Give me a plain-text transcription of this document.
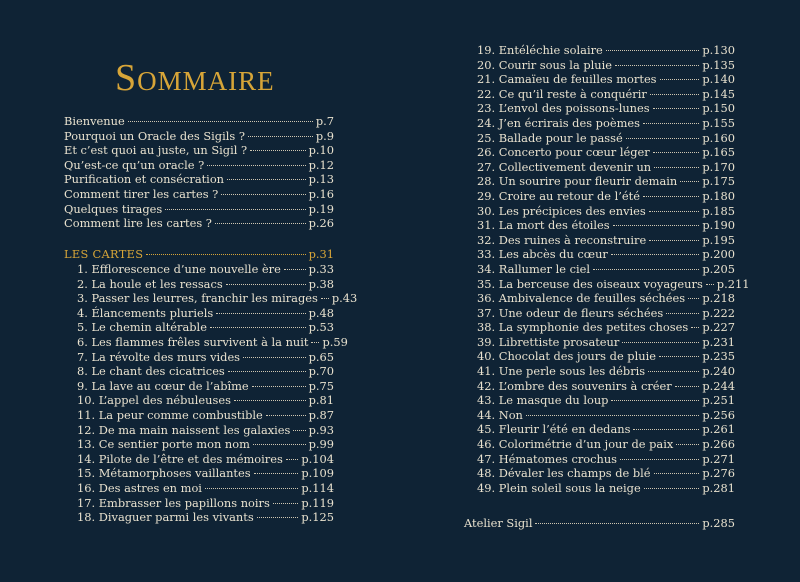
Sommaire
Bienvenue	p.7
Pourquoi un Oracle des Sigils ?	p.9
Et c’est quoi au juste, un Sigil ?	p.10
Qu’est-ce qu’un oracle ?	p.12
Purification et consécration	p.13
Comment tirer les cartes ?	p.16
Quelques tirages	p.19
Comment lire les cartes ?	p.26
LES CARTES	p.31
1. Efflorescence d’une nouvelle ère p.33
2. La houle et les ressacs	p.38
3. Passer les leurres, franchir les mirages p.43
4. Élancements pluriels	p.48
5. Le chemin altérable	p.53
6. Les flammes frêles survivent à la nuit p.59
7. La révolte des murs vides	p.65
8. Le chant des cicatrices	p.70
9. La lave au cœur de l’abîme	p.75
10. L’appel des nébuleuses	p.81
11. La peur comme combustible	p.87
12. De ma main naissent les galaxies p.93
13. Ce sentier porte mon nom	p.99
14. Pilote de l’être et des mémoires p.104
15. Métamorphoses vaillantes	p.109
16. Des astres en moi	p.114
17. Embrasser les papillons noirs	p.119
18. Divaguer parmi les vivants	p.125
19. Entéléchie solaire	p.130
20. Courir sous la pluie	p.135
21. Camaïeu de feuilles mortes	p.140
22. Ce qu’il reste à conquérir	p.145
23. L’envol des poissons-lunes	p.150
24. J’en écrirais des poèmes	p.155
25. Ballade pour le passé	p.160
26. Concerto pour cœur léger	p.165
27. Collectivement devenir un	p.170
28. Un sourire pour fleurir demain p.175
29. Croire au retour de l’été	p.180
30. Les précipices des envies	p.185
31. La mort des étoiles	p.190
32. Des ruines à reconstruire	p.195
33. Les abcès du cœur	p.200
34. Rallumer le ciel	p.205
35. La berceuse des oiseaux voyageurs p.211
36. Ambivalence de feuilles séchées p.218
37. Une odeur de fleurs séchées	p.222
38. La symphonie des petites choses p.227
39. Librettiste prosateur	p.231
40. Chocolat des jours de pluie	p.235
41. Une perle sous les débris	p.240
42. L’ombre des souvenirs à créer	p.244
43. Le masque du loup	p.251
44. Non	p.256
45. Fleurir l’été en dedans	p.261
46. Colorimétrie d’un jour de paix	p.266
47. Hématomes crochus	p.271
48. Dévaler les champs de blé	p.276
49. Plein soleil sous la neige	p.281
Atelier Sigil	p.285
